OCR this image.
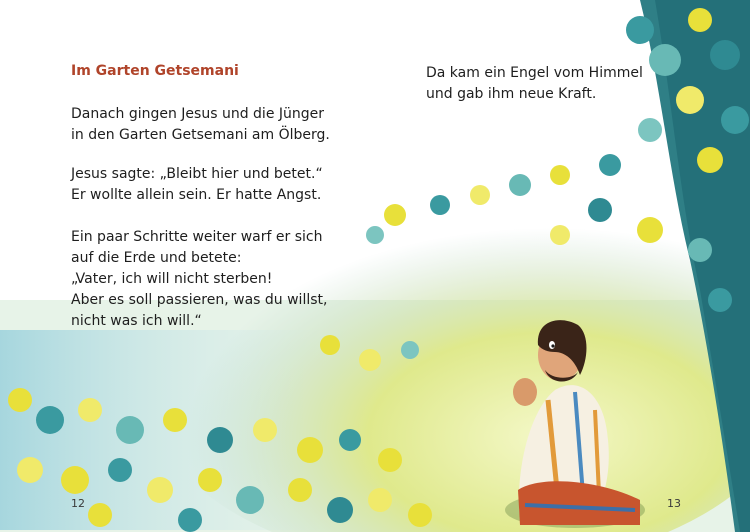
Im Garten Getsemani

Danach gingen Jesus und die Jünger

in den Garten Getsemani am Ölberg.

Jesus sagte: „Bleibt hier und betet.“

Er wollte allein sein. Er hatte Angst.

Ein paar Schritte weiter warf er sich

auf die Erde und betete:

„Vater, ich will nicht sterben!

Aber es soll passieren, was du willst,

nicht was ich will.“

Da kam ein Engel vom Himmel

und gab ihm neue Kraft.

12	13
